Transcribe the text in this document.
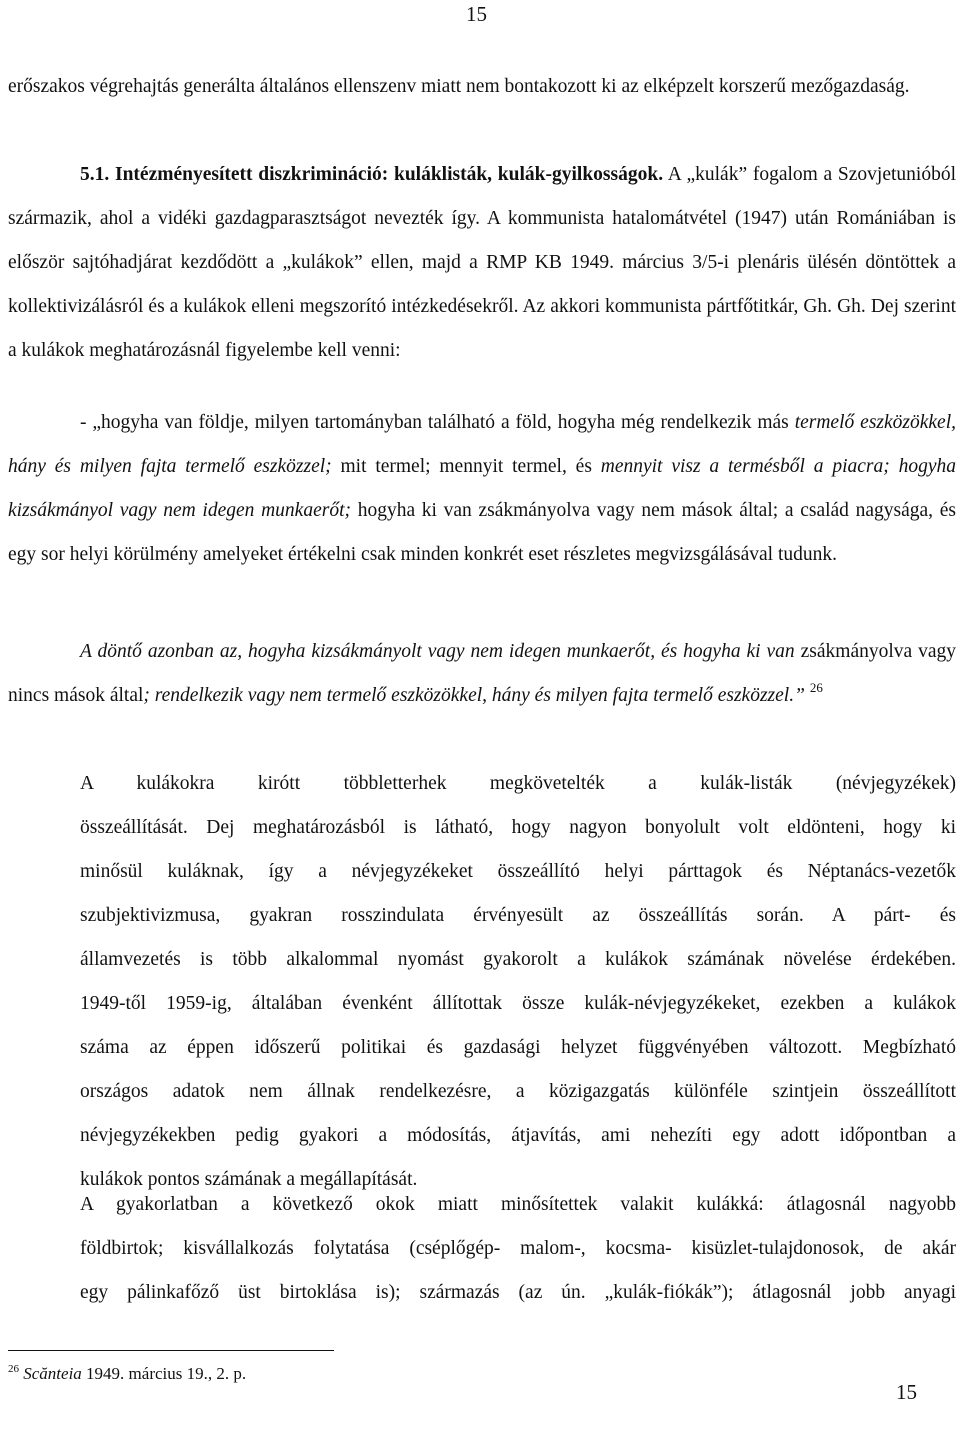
15
erőszakos végrehajtás generálta általános ellenszenv miatt nem bontakozott ki az elképzelt korszerű mezőgazdaság.
5.1. Intézményesített diszkrimináció: kuláklisták, kulák-gyilkosságok. A „kulák” fogalom a Szovjetunióból származik, ahol a vidéki gazdagparasztságot nevezték így. A kommunista hatalomátvétel (1947) után Romániában is először sajtóhadjárat kezdődött a „kulákok” ellen, majd a RMP KB 1949. március 3/5-i plenáris ülésén döntöttek a kollektivizálásról és a kulákok elleni megszorító intézkedésekről. Az akkori kommunista pártfőtitkár, Gh. Gh. Dej szerint a kulákok meghatározásnál figyelembe kell venni:
- „hogyha van földje, milyen tartományban található a föld, hogyha még rendelkezik más termelő eszközökkel, hány és milyen fajta termelő eszközzel; mit termel; mennyit termel, és mennyit visz a termésből a piacra; hogyha kizsákmányol vagy nem idegen munkaerőt; hogyha ki van zsákmányolva vagy nem mások által; a család nagysága, és egy sor helyi körülmény amelyeket értékelni csak minden konkrét eset részletes megvizsgálásával tudunk.
A döntő azonban az, hogyha kizsákmányolt vagy nem idegen munkaerőt, és hogyha ki van zsákmányolva vagy nincs mások által; rendelkezik vagy nem termelő eszközökkel, hány és milyen fajta termelő eszközzel.” $^{26}$
A kulákokra kirótt többletterhek megkövetelték a kulák-listák (névjegyzékek)
összeállítását. Dej meghatározásból is látható, hogy nagyon bonyolult volt eldönteni, hogy ki
minősül kuláknak, így a névjegyzékeket összeállító helyi párttagok és Néptanács-vezetők
szubjektivizmusa, gyakran rosszindulata érvényesült az összeállítás során. A párt- és
államvezetés is több alkalommal nyomást gyakorolt a kulákok számának növelése érdekében.
1949-től 1959-ig, általában évenként állítottak össze kulák-névjegyzékeket, ezekben a kulákok
száma az éppen időszerű politikai és gazdasági helyzet függvényében változott. Megbízható
országos adatok nem állnak rendelkezésre, a közigazgatás különféle szintjein összeállított
névjegyzékekben pedig gyakori a módosítás, átjavítás, ami nehezíti egy adott időpontban a
kulákok pontos számának a megállapítását.
A gyakorlatban a következő okok miatt minősítettek valakit kulákká: átlagosnál nagyobb
földbirtok; kisvállalkozás folytatása (cséplőgép- malom-, kocsma- kisüzlet-tulajdonosok, de akár
egy pálinkafőző üst birtoklása is); származás (az ún. „kulák-fiókák”); átlagosnál jobb anyagi
$^{26}$ Scănteia 1949. március 19., 2. p.
15
